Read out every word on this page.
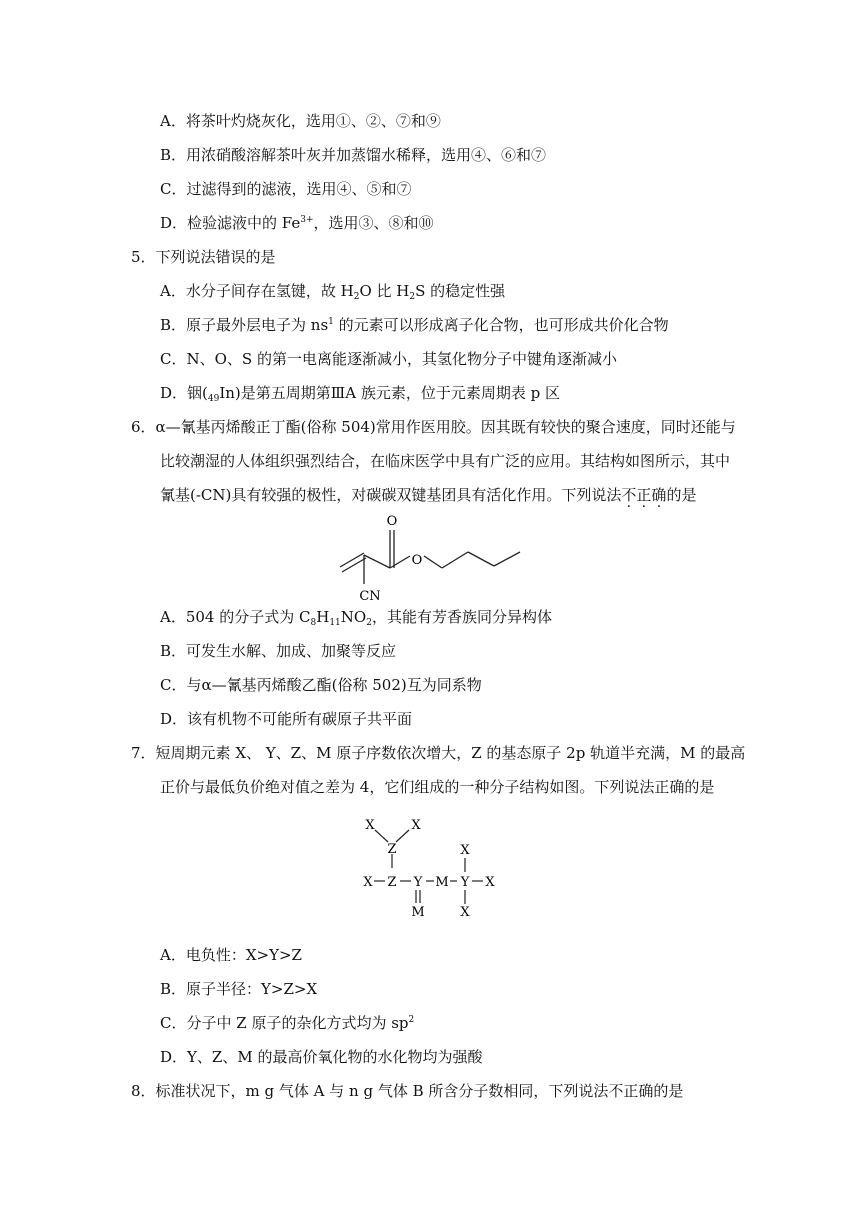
A．将茶叶灼烧灰化，选用①、②、⑦和⑨
B．用浓硝酸溶解茶叶灰并加蒸馏水稀释，选用④、⑥和⑦
C．过滤得到的滤液，选用④、⑤和⑦
D．检验滤液中的 $Fe^{3+}$，选用③、⑧和⑩
5．下列说法错误的是
A．水分子间存在氢键，故 $H_2O$ 比 $H_2S$ 的稳定性强
B．原子最外层电子为 $ns^1$ 的元素可以形成离子化合物，也可形成共价化合物
C．N、O、S 的第一电离能逐渐减小，其氢化物分子中键角逐渐减小
D．铟$(_{49}In)$是第五周期第ⅢA 族元素，位于元素周期表 p 区
6．α—氰基丙烯酸正丁酯(俗称 504)常用作医用胶。因其既有较快的聚合速度，同时还能与
比较潮湿的人体组织强烈结合，在临床医学中具有广泛的应用。其结构如图所示，其中
氰基(-CN)具有较强的极性，对碳碳双键基团具有活化作用。下列说法不正确的是
O
O
CN
A．504 的分子式为 $C_8H_{11}NO_2$，其能有芳香族同分异构体
B．可发生水解、加成、加聚等反应
C．与α—氰基丙烯酸乙酯(俗称 502)互为同系物
D．该有机物不可能所有碳原子共平面
7．短周期元素 X、 Y、Z、M 原子序数依次增大，Z 的基态原子 2p 轨道半充满，M 的最高
正价与最低负价绝对值之差为 4，它们组成的一种分子结构如图。下列说法正确的是
X	X
Z	X
X Z Y M Y X
M	X
A．电负性：X>Y>Z
B．原子半径：Y>Z>X
C．分子中 Z 原子的杂化方式均为 $sp^2$
D．Y、Z、M 的最高价氧化物的水化物均为强酸
8．标准状况下，m g 气体 A 与 n g 气体 B 所含分子数相同，下列说法不正确的是
